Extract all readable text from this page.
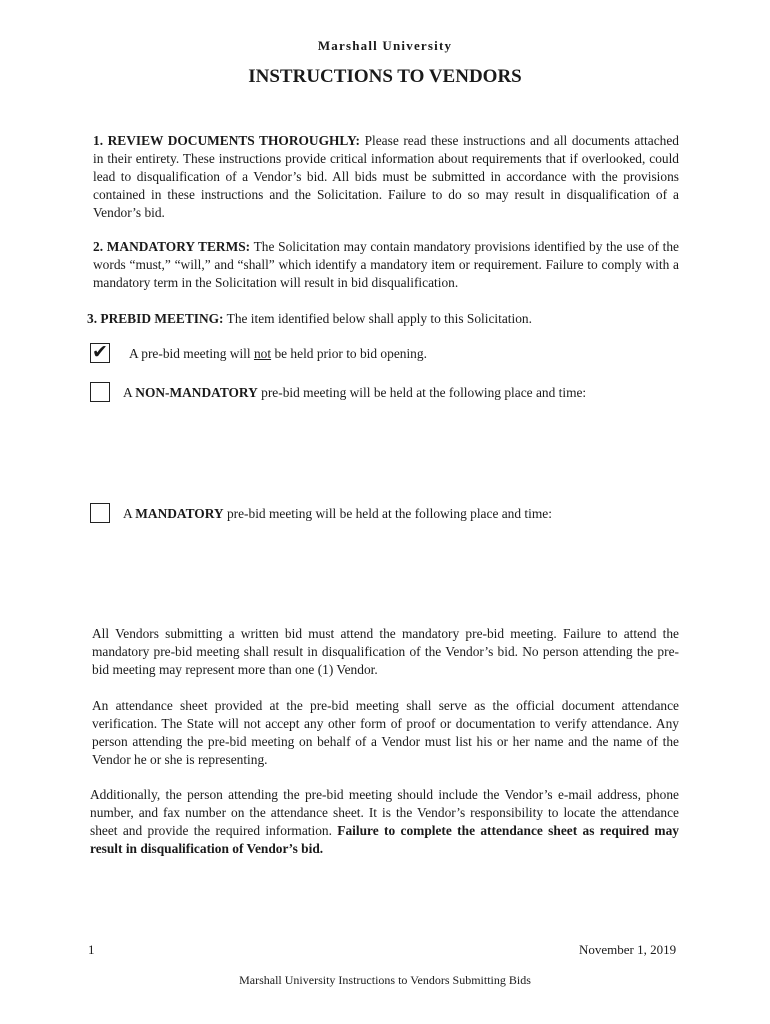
Marshall University
INSTRUCTIONS TO VENDORS
1. REVIEW DOCUMENTS THOROUGHLY: Please read these instructions and all documents attached in their entirety. These instructions provide critical information about requirements that if overlooked, could lead to disqualification of a Vendor’s bid. All bids must be submitted in accordance with the provisions contained in these instructions and the Solicitation. Failure to do so may result in disqualification of a Vendor’s bid.
2. MANDATORY TERMS: The Solicitation may contain mandatory provisions identified by the use of the words “must,” “will,” and “shall” which identify a mandatory item or requirement. Failure to comply with a mandatory term in the Solicitation will result in bid disqualification.
3. PREBID MEETING: The item identified below shall apply to this Solicitation.
✔ A pre-bid meeting will not be held prior to bid opening.
A NON-MANDATORY pre-bid meeting will be held at the following place and time:
A MANDATORY pre-bid meeting will be held at the following place and time:
All Vendors submitting a written bid must attend the mandatory pre-bid meeting. Failure to attend the mandatory pre-bid meeting shall result in disqualification of the Vendor’s bid. No person attending the pre-bid meeting may represent more than one (1) Vendor.
An attendance sheet provided at the pre-bid meeting shall serve as the official document attendance verification. The State will not accept any other form of proof or documentation to verify attendance. Any person attending the pre-bid meeting on behalf of a Vendor must list his or her name and the name of the Vendor he or she is representing.
Additionally, the person attending the pre-bid meeting should include the Vendor’s e-mail address, phone number, and fax number on the attendance sheet. It is the Vendor’s responsibility to locate the attendance sheet and provide the required information. Failure to complete the attendance sheet as required may result in disqualification of Vendor’s bid.
1	November 1, 2019
Marshall University Instructions to Vendors Submitting Bids
